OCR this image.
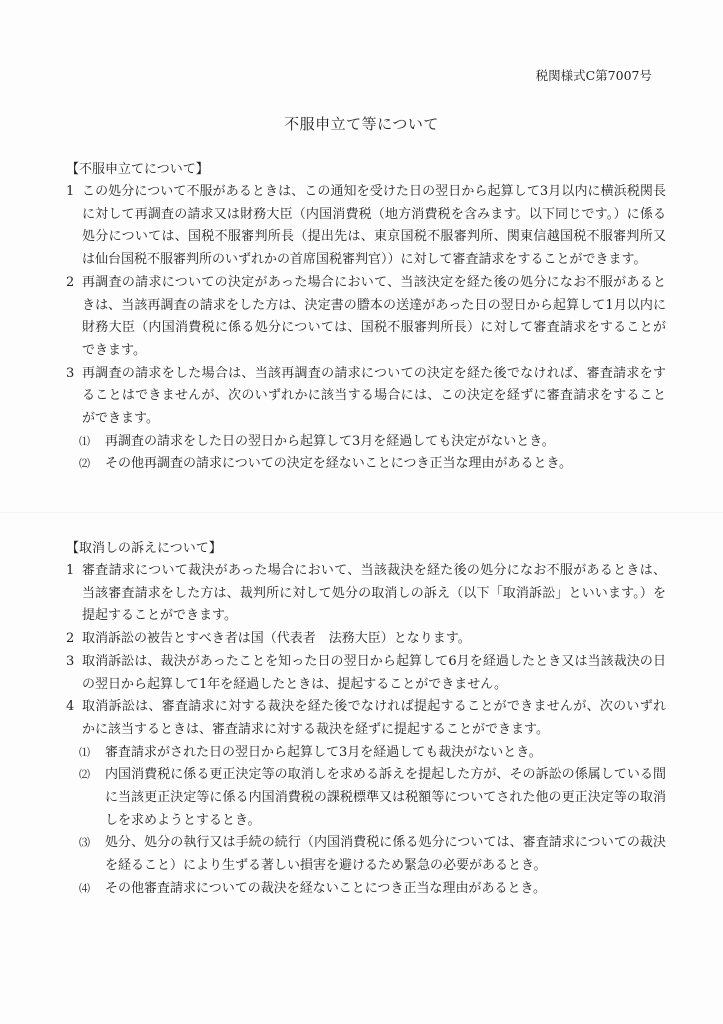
税関様式C第7007号
不服申立て等について
【不服申立てについて】
1 この処分について不服があるときは、この通知を受けた日の翌日から起算して3月以内に横浜税関長に対して再調査の請求又は財務大臣（内国消費税（地方消費税を含みます。以下同じです。）に係る処分については、国税不服審判所長（提出先は、東京国税不服審判所、関東信越国税不服審判所又は仙台国税不服審判所のいずれかの首席国税審判官））に対して審査請求をすることができます。
2 再調査の請求についての決定があった場合において、当該決定を経た後の処分になお不服があるときは、当該再調査の請求をした方は、決定書の謄本の送達があった日の翌日から起算して1月以内に財務大臣（内国消費税に係る処分については、国税不服審判所長）に対して審査請求をすることができます。
3 再調査の請求をした場合は、当該再調査の請求についての決定を経た後でなければ、審査請求をすることはできませんが、次のいずれかに該当する場合には、この決定を経ずに審査請求をすることができます。
⑴ 再調査の請求をした日の翌日から起算して3月を経過しても決定がないとき。
⑵ その他再調査の請求についての決定を経ないことにつき正当な理由があるとき。
【取消しの訴えについて】
1 審査請求について裁決があった場合において、当該裁決を経た後の処分になお不服があるときは、当該審査請求をした方は、裁判所に対して処分の取消しの訴え（以下「取消訴訟」といいます。）を提起することができます。
2 取消訴訟の被告とすべき者は国（代表者　法務大臣）となります。
3 取消訴訟は、裁決があったことを知った日の翌日から起算して6月を経過したとき又は当該裁決の日の翌日から起算して1年を経過したときは、提起することができません。
4 取消訴訟は、審査請求に対する裁決を経た後でなければ提起することができませんが、次のいずれかに該当するときは、審査請求に対する裁決を経ずに提起することができます。
⑴ 審査請求がされた日の翌日から起算して3月を経過しても裁決がないとき。
⑵ 内国消費税に係る更正決定等の取消しを求める訴えを提起した方が、その訴訟の係属している間に当該更正決定等に係る内国消費税の課税標準又は税額等についてされた他の更正決定等の取消しを求めようとするとき。
⑶ 処分、処分の執行又は手続の続行（内国消費税に係る処分については、審査請求についての裁決を経ること）により生ずる著しい損害を避けるため緊急の必要があるとき。
⑷ その他審査請求についての裁決を経ないことにつき正当な理由があるとき。
